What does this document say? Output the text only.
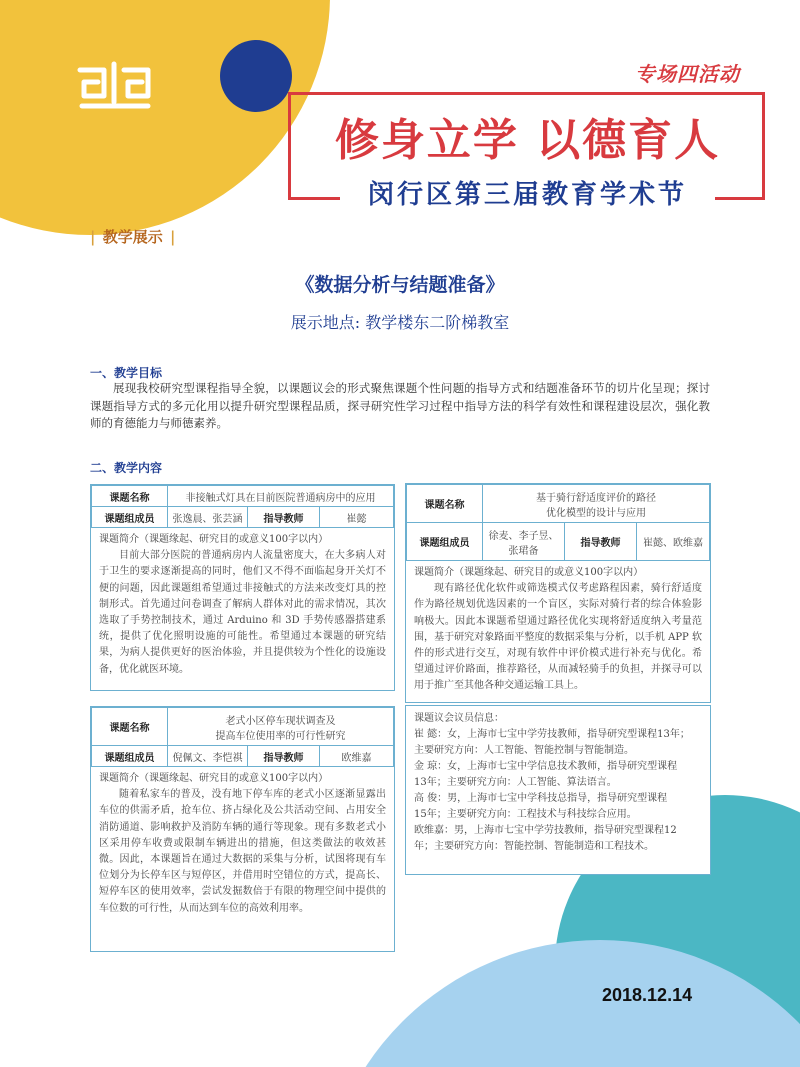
专场四活动
修身立学 以德育人
闵行区第三届教育学术节
| 教学展示 |
《数据分析与结题准备》
展示地点: 教学楼东二阶梯教室
一、教学目标
展现我校研究型课程指导全貌，以课题议会的形式聚焦课题个性问题的指导方式和结题准备环节的切片化呈现；探讨课题指导方式的多元化用以提升研究型课程品质，探寻研究性学习过程中指导方法的科学有效性和课程建设层次，强化教师的育德能力与师德素养。
二、教学内容
课题名称	非接触式灯具在目前医院普通病房中的应用		
课题组成员	张逸晨、张芸涵	指导教师	崔懿
课题简介（课题缘起、研究目的或意义100字以内）
目前大部分医院的普通病房内人流量密度大，在大多病人对于卫生的要求逐渐提高的同时，他们又不得不面临起身开关灯不便的问题，因此课题组希望通过非接触式的方法来改变灯具的控制形式。首先通过问卷调查了解病人群体对此的需求情况，其次选取了手势控制技术，通过 Arduino 和 3D 手势传感器搭建系统，提供了优化照明设施的可能性。希望通过本课题的研究结果，为病人提供更好的医治体验，并且提供较为个性化的设施设备，优化就医环境。
课题名称	老式小区停车现状调查及
提高车位使用率的可行性研究		

课题组成员	倪佩文、李恺祺	指导教师	欧维嘉
课题简介（课题缘起、研究目的或意义100字以内）
随着私家车的普及，没有地下停车库的老式小区逐渐显露出车位的供需矛盾，抢车位、挤占绿化及公共活动空间、占用安全消防通道、影响救护及消防车辆的通行等现象。现有多数老式小区采用停车收费或限制车辆进出的措施，但这类做法的收效甚微。因此，本课题旨在通过大数据的采集与分析，试图将现有车位划分为长停车区与短停区，并借用时空错位的方式，提高长、短停车区的使用效率，尝试发掘数倍于有限的物理空间中提供的车位数的可行性，从而达到车位的高效利用率。
课题名称	基于骑行舒适度评价的路径
优化模型的设计与应用		

课题组成员	徐麦、李子昱、
张珺备	指导教师	崔懿、欧维嘉
课题简介（课题缘起、研究目的或意义100字以内）
现有路径优化软件或筛选模式仅考虑路程因素，骑行舒适度作为路径规划优选因素的一个盲区，实际对骑行者的综合体验影响极大。因此本课题希望通过路径优化实现将舒适度纳入考量范围，基于研究对象路面平整度的数据采集与分析，以手机 APP 软件的形式进行交互，对现有软件中评价模式进行补充与优化。希望通过评价路面，推荐路径，从而减轻骑手的负担，并探寻可以用于推广至其他各种交通运输工具上。
课题议会议员信息：
崔 懿：女，上海市七宝中学劳技教师，指导研究型课程13年；
主要研究方向：人工智能、智能控制与智能制造。
金 琼：女，上海市七宝中学信息技术教师，指导研究型课程
13年；主要研究方向：人工智能、算法语言。
高 俊：男，上海市七宝中学科技总指导，指导研究型课程
15年；主要研究方向：工程技术与科技综合应用。
欧维嘉：男，上海市七宝中学劳技教师，指导研究型课程12
年；主要研究方向：智能控制、智能制造和工程技术。
2018.12.14
